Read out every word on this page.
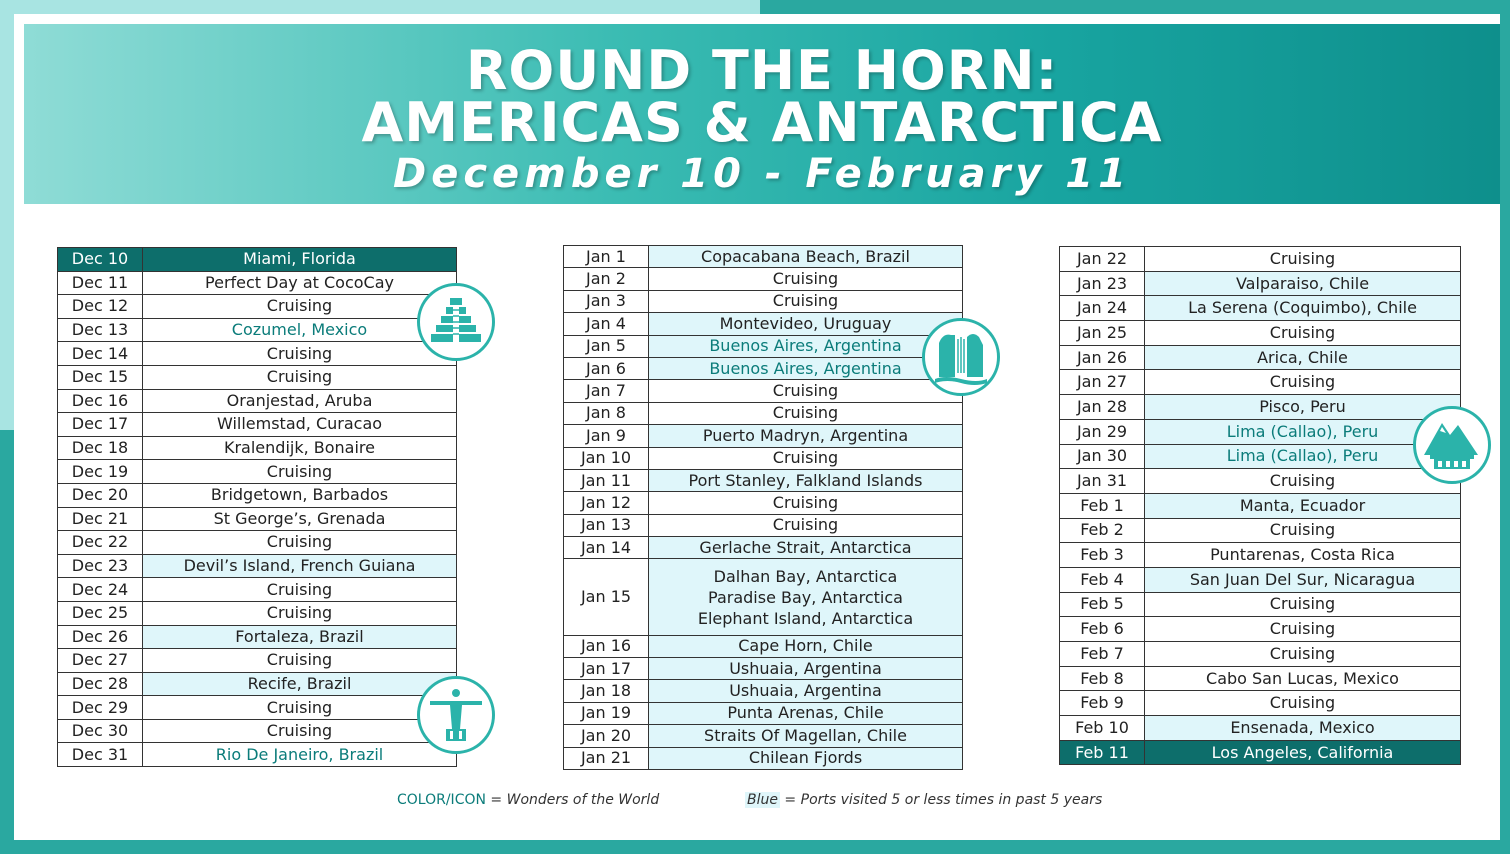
ROUND THE HORN:
AMERICAS & ANTARCTICA
December 10 - February 11
Dec 10	Miami, Florida
Dec 11	Perfect Day at CocoCay
Dec 12	Cruising
Dec 13	Cozumel, Mexico
Dec 14	Cruising
Dec 15	Cruising
Dec 16	Oranjestad, Aruba
Dec 17	Willemstad, Curacao
Dec 18	Kralendijk, Bonaire
Dec 19	Cruising
Dec 20	Bridgetown, Barbados
Dec 21	St George’s, Grenada
Dec 22	Cruising
Dec 23	Devil’s Island, French Guiana
Dec 24	Cruising
Dec 25	Cruising
Dec 26	Fortaleza, Brazil
Dec 27	Cruising
Dec 28	Recife, Brazil
Dec 29	Cruising
Dec 30	Cruising
Dec 31	Rio De Janeiro, Brazil
Jan 1	Copacabana Beach, Brazil
Jan 2	Cruising
Jan 3	Cruising
Jan 4	Montevideo, Uruguay
Jan 5	Buenos Aires, Argentina
Jan 6	Buenos Aires, Argentina
Jan 7	Cruising
Jan 8	Cruising
Jan 9	Puerto Madryn, Argentina
Jan 10	Cruising
Jan 11	Port Stanley, Falkland Islands
Jan 12	Cruising
Jan 13	Cruising
Jan 14	Gerlache Strait, Antarctica
Jan 15	Dalhan Bay, Antarctica
Paradise Bay, Antarctica
Elephant Island, Antarctica

Jan 16	Cape Horn, Chile
Jan 17	Ushuaia, Argentina
Jan 18	Ushuaia, Argentina
Jan 19	Punta Arenas, Chile
Jan 20	Straits Of Magellan, Chile
Jan 21	Chilean Fjords
Jan 22	Cruising
Jan 23	Valparaiso, Chile
Jan 24	La Serena (Coquimbo), Chile
Jan 25	Cruising
Jan 26	Arica, Chile
Jan 27	Cruising
Jan 28	Pisco, Peru
Jan 29	Lima (Callao), Peru
Jan 30	Lima (Callao), Peru
Jan 31	Cruising
Feb 1	Manta, Ecuador
Feb 2	Cruising
Feb 3	Puntarenas, Costa Rica
Feb 4	San Juan Del Sur, Nicaragua
Feb 5	Cruising
Feb 6	Cruising
Feb 7	Cruising
Feb 8	Cabo San Lucas, Mexico
Feb 9	Cruising
Feb 10	Ensenada, Mexico
Feb 11	Los Angeles, California
COLOR/ICON = Wonders of the World	Blue = Ports visited 5 or less times in past 5 years
